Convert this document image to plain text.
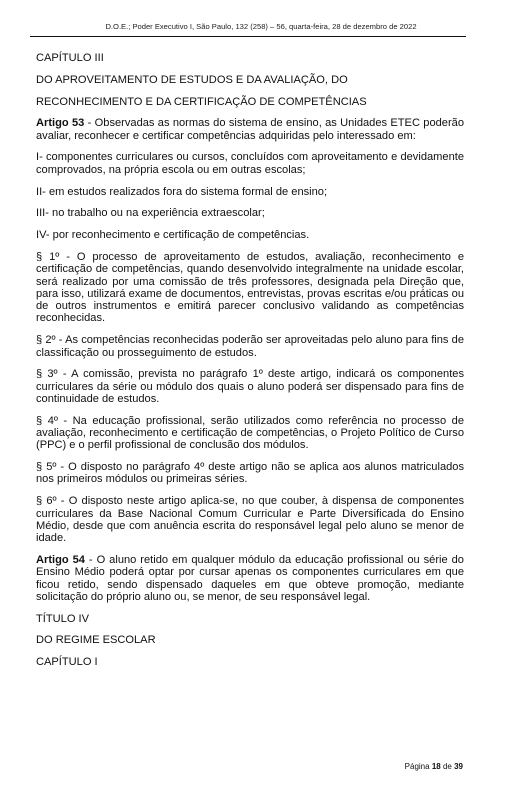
D.O.E.; Poder Executivo I, São Paulo, 132 (258) – 56, quarta-feira, 28 de dezembro de 2022
CAPÍTULO III
DO APROVEITAMENTO DE ESTUDOS E DA AVALIAÇÃO, DO
RECONHECIMENTO E DA CERTIFICAÇÃO DE COMPETÊNCIAS
Artigo 53 - Observadas as normas do sistema de ensino, as Unidades ETEC poderão avaliar, reconhecer e certificar competências adquiridas pelo interessado em:
I- componentes curriculares ou cursos, concluídos com aproveitamento e devidamente comprovados, na própria escola ou em outras escolas;
II- em estudos realizados fora do sistema formal de ensino;
III- no trabalho ou na experiência extraescolar;
IV- por reconhecimento e certificação de competências.
§ 1º - O processo de aproveitamento de estudos, avaliação, reconhecimento e certificação de competências, quando desenvolvido integralmente na unidade escolar, será realizado por uma comissão de três professores, designada pela Direção que, para isso, utilizará exame de documentos, entrevistas, provas escritas e/ou práticas ou de outros instrumentos e emitirá parecer conclusivo validando as competências reconhecidas.
§ 2º - As competências reconhecidas poderão ser aproveitadas pelo aluno para fins de classificação ou prosseguimento de estudos.
§ 3º - A comissão, prevista no parágrafo 1º deste artigo, indicará os componentes curriculares da série ou módulo dos quais o aluno poderá ser dispensado para fins de continuidade de estudos.
§ 4º - Na educação profissional, serão utilizados como referência no processo de avaliação, reconhecimento e certificação de competências, o Projeto Político de Curso (PPC) e o perfil profissional de conclusão dos módulos.
§ 5º - O disposto no parágrafo 4º deste artigo não se aplica aos alunos matriculados nos primeiros módulos ou primeiras séries.
§ 6º - O disposto neste artigo aplica-se, no que couber, à dispensa de componentes curriculares da Base Nacional Comum Curricular e Parte Diversificada do Ensino Médio, desde que com anuência escrita do responsável legal pelo aluno se menor de idade.
Artigo 54 - O aluno retido em qualquer módulo da educação profissional ou série do Ensino Médio poderá optar por cursar apenas os componentes curriculares em que ficou retido, sendo dispensado daqueles em que obteve promoção, mediante solicitação do próprio aluno ou, se menor, de seu responsável legal.
TÍTULO IV
DO REGIME ESCOLAR
CAPÍTULO I
Página 18 de 39
